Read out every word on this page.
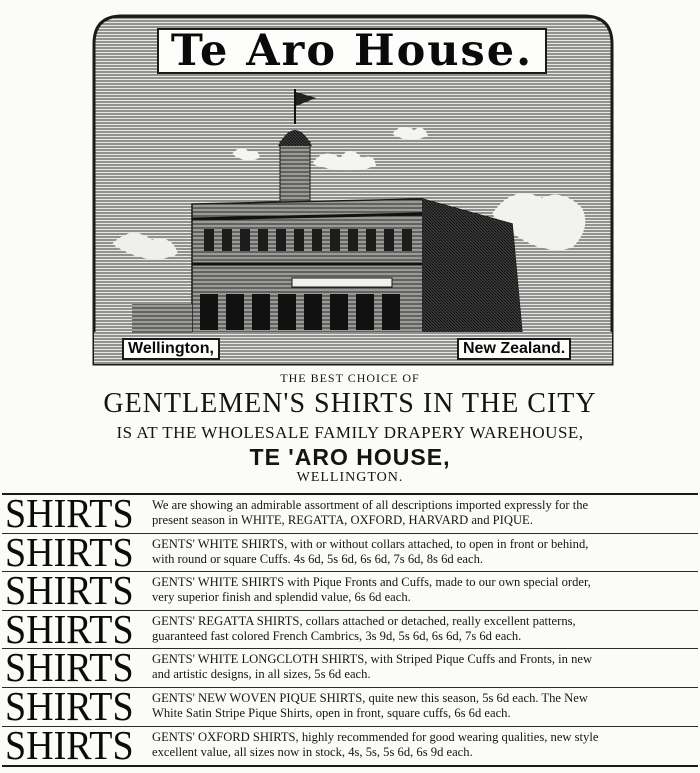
Te Aro House.
Wellington,	New Zealand.
THE BEST CHOICE OF
GENTLEMEN'S SHIRTS IN THE CITY
IS AT THE WHOLESALE FAMILY DRAPERY WAREHOUSE,
TE 'ARO HOUSE,
WELLINGTON.
SHIRTS	We are showing an admirable assortment of all descriptions imported expressly for the
present season in WHITE, REGATTA, OXFORD, HARVARD and PIQUE.
SHIRTS	GENTS' WHITE SHIRTS, with or without collars attached, to open in front or behind,
with round or square Cuffs. 4s 6d, 5s 6d, 6s 6d, 7s 6d, 8s 6d each.
SHIRTS	GENTS' WHITE SHIRTS with Pique Fronts and Cuffs, made to our own special order,
very superior finish and splendid value, 6s 6d each.
SHIRTS	GENTS' REGATTA SHIRTS, collars attached or detached, really excellent patterns,
guaranteed fast colored French Cambrics, 3s 9d, 5s 6d, 6s 6d, 7s 6d each.
SHIRTS	GENTS' WHITE LONGCLOTH SHIRTS, with Striped Pique Cuffs and Fronts, in new
and artistic designs, in all sizes, 5s 6d each.
SHIRTS	GENTS' NEW WOVEN PIQUE SHIRTS, quite new this season, 5s 6d each. The New
White Satin Stripe Pique Shirts, open in front, square cuffs, 6s 6d each.
SHIRTS	GENTS' OXFORD SHIRTS, highly recommended for good wearing qualities, new style
excellent value, all sizes now in stock, 4s, 5s, 5s 6d, 6s 9d each.
